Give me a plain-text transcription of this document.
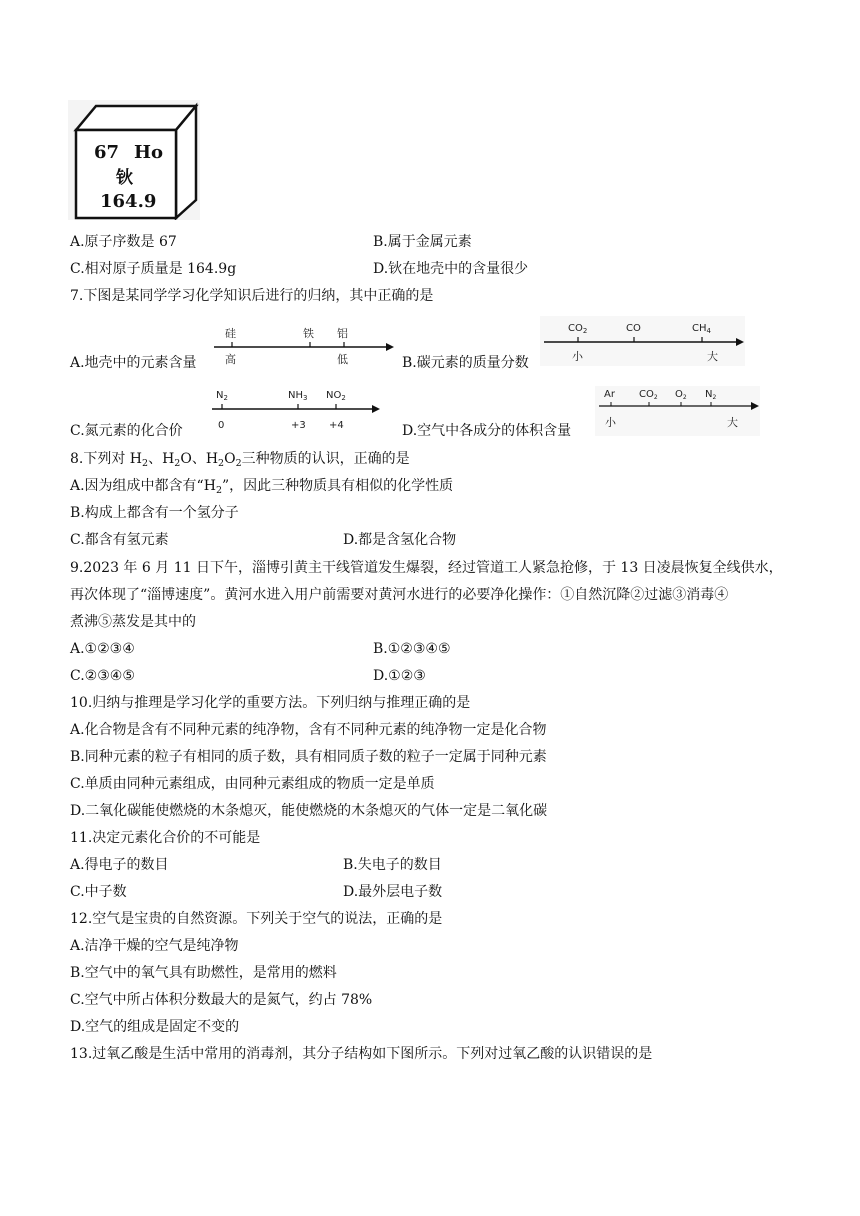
67 Ho
钬
164.9
A.原子序数是 67	B.属于金属元素
C.相对原子质量是 164.9g	D.钬在地壳中的含量很少
7.下图是某同学学习化学知识后进行的归纳，其中正确的是
A.地壳中的元素含量
硅	铁 铝
高	低	B.碳元素的质量分数
$CO_2$	CO	$CH_4$
小	大
C.氮元素的化合价
$N_2$	$NH_3$ $NO_2$
0	+3 +4	D.空气中各成分的体积含量
Ar $CO_2$ $O_2$ $N_2$
小	大
8.下列对 $H_2$、$H_2O$、$H_2O_2$三种物质的认识，正确的是
A.因为组成中都含有“$H_2$”，因此三种物质具有相似的化学性质
B.构成上都含有一个氢分子
C.都含有氢元素	D.都是含氢化合物
9.2023 年 6 月 11 日下午，淄博引黄主干线管道发生爆裂，经过管道工人紧急抢修，于 13 日凌晨恢复全线供水，
再次体现了“淄博速度”。黄河水进入用户前需要对黄河水进行的必要净化操作：①自然沉降②过滤③消毒④
煮沸⑤蒸发是其中的
A.①②③④	B.①②③④⑤
C.②③④⑤	D.①②③
10.归纳与推理是学习化学的重要方法。下列归纳与推理正确的是
A.化合物是含有不同种元素的纯净物，含有不同种元素的纯净物一定是化合物
B.同种元素的粒子有相同的质子数，具有相同质子数的粒子一定属于同种元素
C.单质由同种元素组成，由同种元素组成的物质一定是单质
D.二氧化碳能使燃烧的木条熄灭，能使燃烧的木条熄灭的气体一定是二氧化碳
11.决定元素化合价的不可能是
A.得电子的数目	B.失电子的数目
C.中子数	D.最外层电子数
12.空气是宝贵的自然资源。下列关于空气的说法，正确的是
A.洁净干燥的空气是纯净物
B.空气中的氧气具有助燃性，是常用的燃料
C.空气中所占体积分数最大的是氮气，约占 78%
D.空气的组成是固定不变的
13.过氧乙酸是生活中常用的消毒剂，其分子结构如下图所示。下列对过氧乙酸的认识错误的是
